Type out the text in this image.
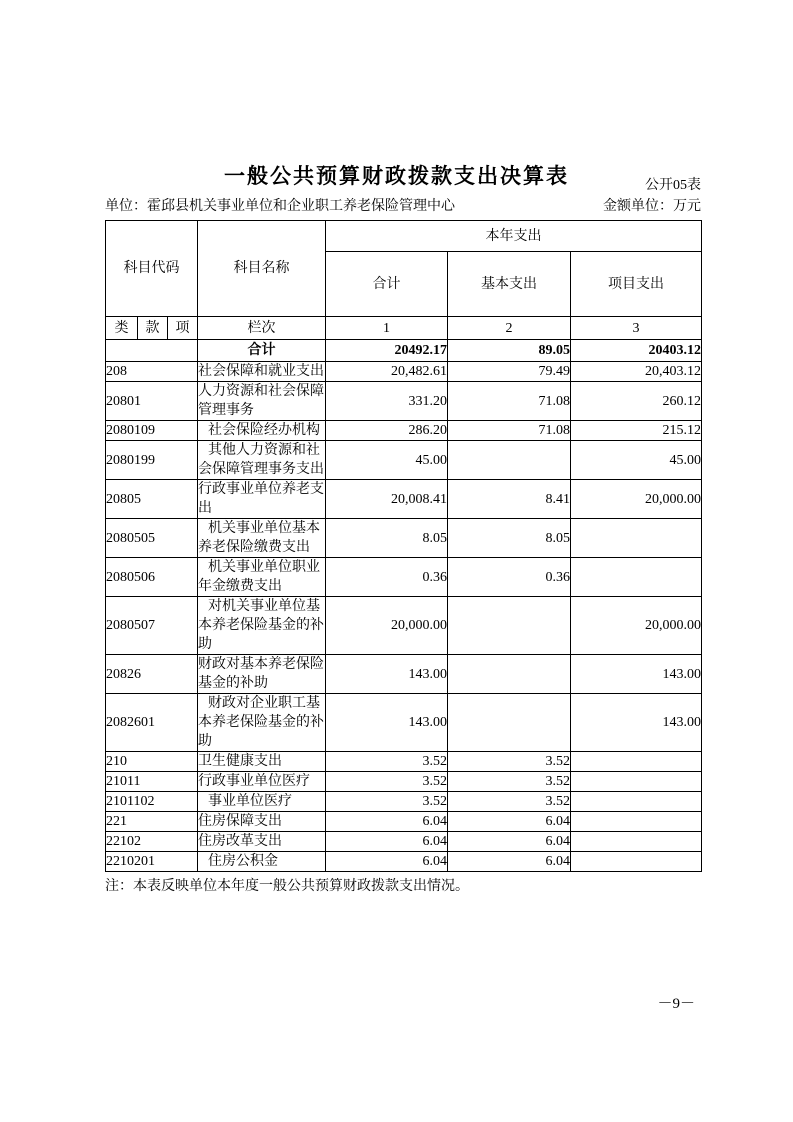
一般公共预算财政拨款支出决算表	公开05表
单位：霍邱县机关事业单位和企业职工养老保险管理中心	金额单位：万元
科目代码			科目名称	本年支出		
				合计	基本支出	项目支出
类	款	项	栏次	1	2	3
			合计	20492.17	89.05	20403.12
208			社会保障和就业支出	20,482.61	79.49	20,403.12
20801			人力资源和社会保障管理事务	331.20	71.08	260.12
2080109			社会保险经办机构	286.20	71.08	215.12
2080199			其他人力资源和社会保障管理事务支出	45.00		45.00
20805			行政事业单位养老支出	20,008.41	8.41	20,000.00
2080505			机关事业单位基本养老保险缴费支出	8.05	8.05	
2080506			机关事业单位职业年金缴费支出	0.36	0.36	
2080507			对机关事业单位基本养老保险基金的补助	20,000.00		20,000.00
20826			财政对基本养老保险基金的补助	143.00		143.00
2082601			财政对企业职工基本养老保险基金的补助	143.00		143.00
210			卫生健康支出	3.52	3.52	
21011			行政事业单位医疗	3.52	3.52	
2101102			事业单位医疗	3.52	3.52	
221			住房保障支出	6.04	6.04	
22102			住房改革支出	6.04	6.04	
2210201			住房公积金	6.04	6.04	
注：本表反映单位本年度一般公共预算财政拨款支出情况。
－9－
